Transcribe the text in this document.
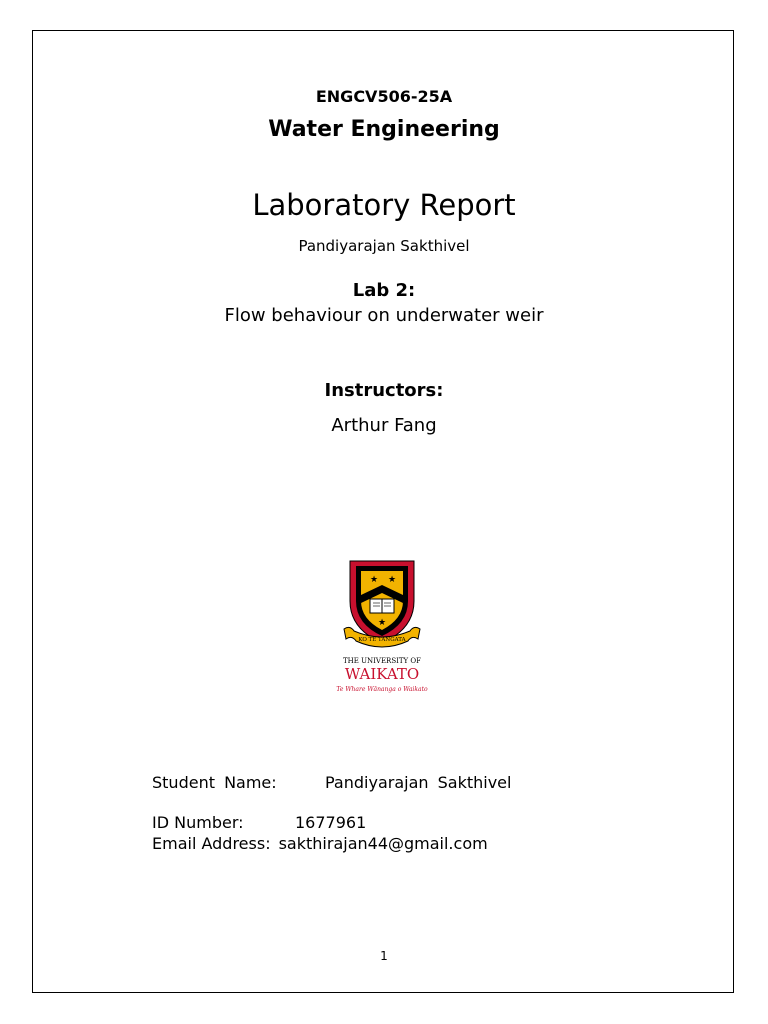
ENGCV506-25A
Water Engineering
Laboratory Report
Pandiyarajan Sakthivel
Lab 2:
Flow behaviour on underwater weir
Instructors:
Arthur Fang
★ ★
★
KO TE TANGATA
THE UNIVERSITY OF
WAIKATO
Te Whare Wānanga o Waikato
Student Name:	Pandiyarajan Sakthivel
ID Number:	1677961
Email Address: sakthirajan44@gmail.com
1
